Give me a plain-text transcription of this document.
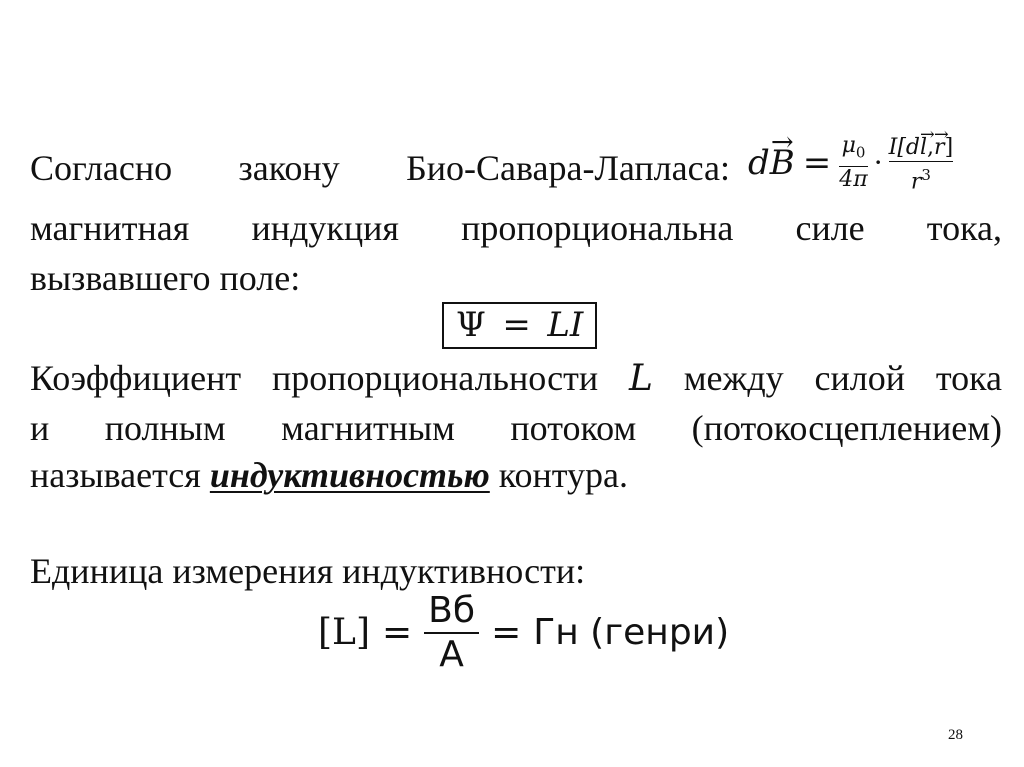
Согласно закону Био-Савара-Лапласа: d
→ $B = \frac{\mu_0}{4\pi} \cdot \frac{I[d\to l,\to r]}{r^3}$
магнитная индукция пропорциональна силе тока,
вызвавшего поле:
Ψ = LI
Коэффициент пропорциональности L между силой тока
и полным магнитным потоком (потокосцеплением)
называется индуктивностью контура.
Единица измерения индуктивности:
$[L] = \frac{Вб}{А}$ = Гн (генри)
28
